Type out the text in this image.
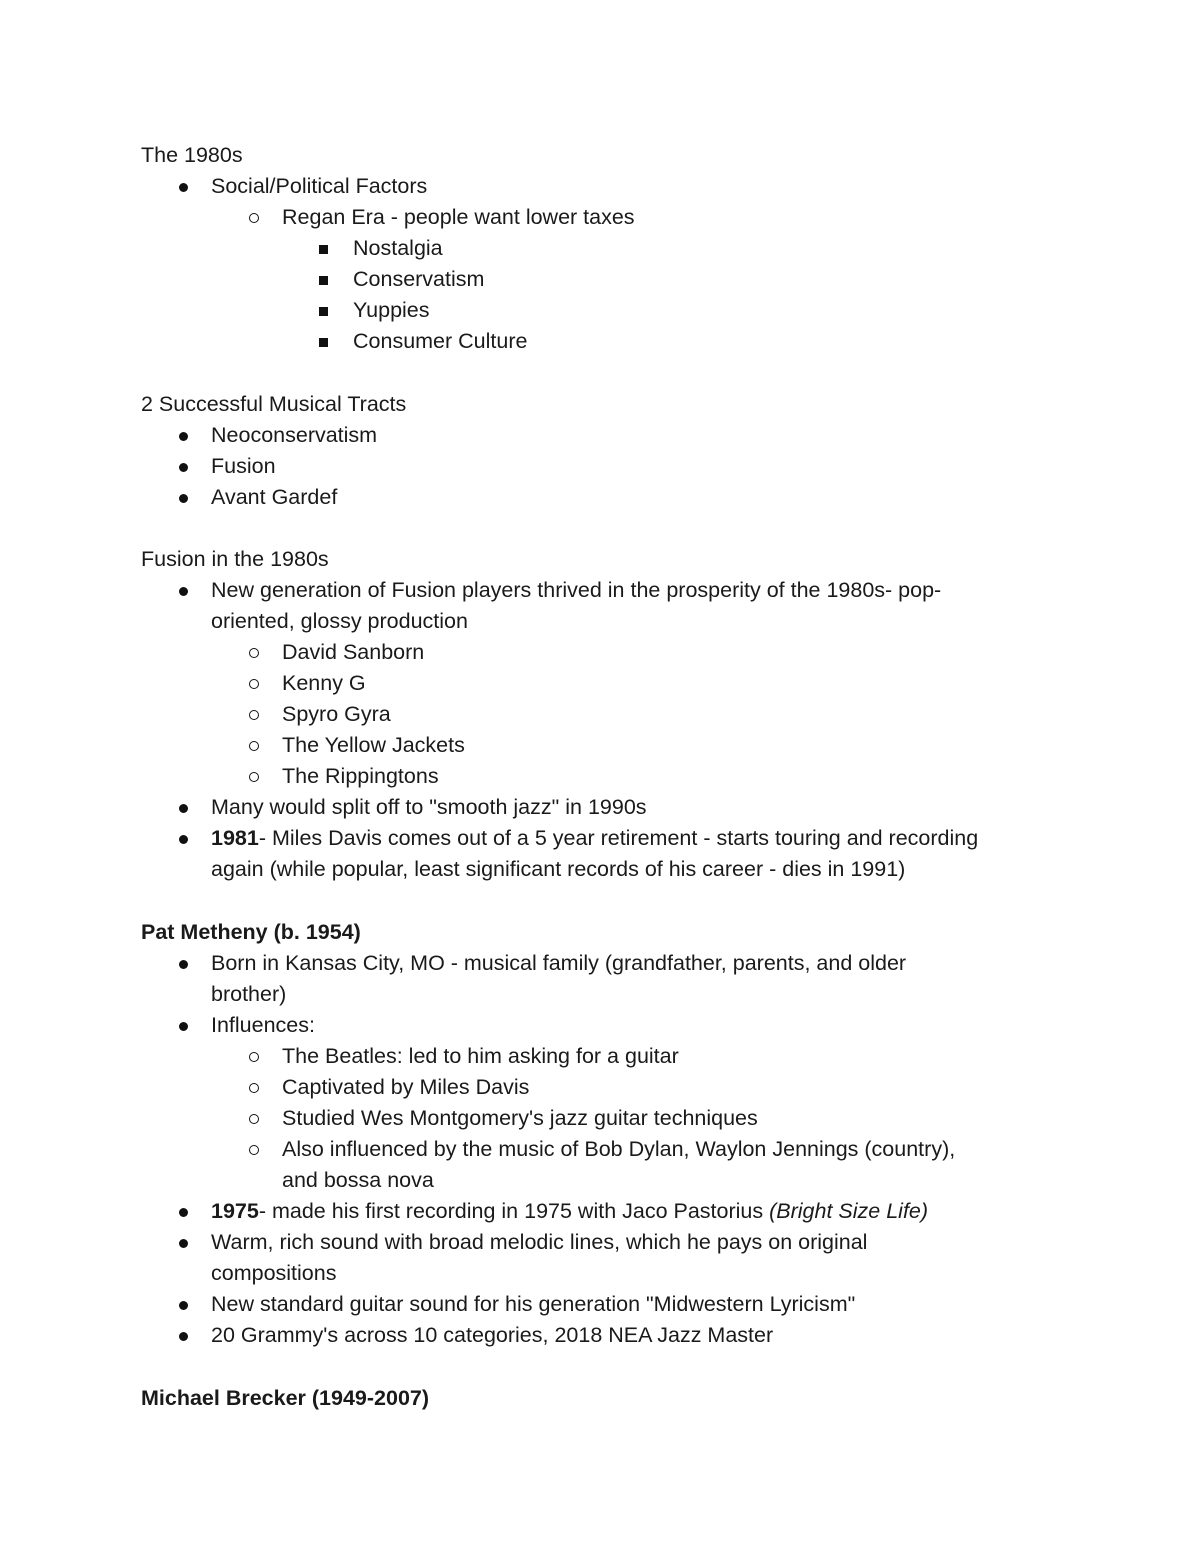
The 1980s
Social/Political Factors
Regan Era - people want lower taxes
Nostalgia
Conservatism
Yuppies
Consumer Culture
2 Successful Musical Tracts
Neoconservatism
Fusion
Avant Gardef
Fusion in the 1980s
New generation of Fusion players thrived in the prosperity of the 1980s- pop-
oriented, glossy production
David Sanborn
Kenny G
Spyro Gyra
The Yellow Jackets
The Rippingtons
Many would split off to "smooth jazz" in 1990s
1981- Miles Davis comes out of a 5 year retirement - starts touring and recording
again (while popular, least significant records of his career - dies in 1991)
Pat Metheny (b. 1954)
Born in Kansas City, MO - musical family (grandfather, parents, and older
brother)
Influences:
The Beatles: led to him asking for a guitar
Captivated by Miles Davis
Studied Wes Montgomery's jazz guitar techniques
Also influenced by the music of Bob Dylan, Waylon Jennings (country),
and bossa nova
1975- made his first recording in 1975 with Jaco Pastorius (Bright Size Life)
Warm, rich sound with broad melodic lines, which he pays on original
compositions
New standard guitar sound for his generation "Midwestern Lyricism"
20 Grammy's across 10 categories, 2018 NEA Jazz Master
Michael Brecker (1949-2007)
